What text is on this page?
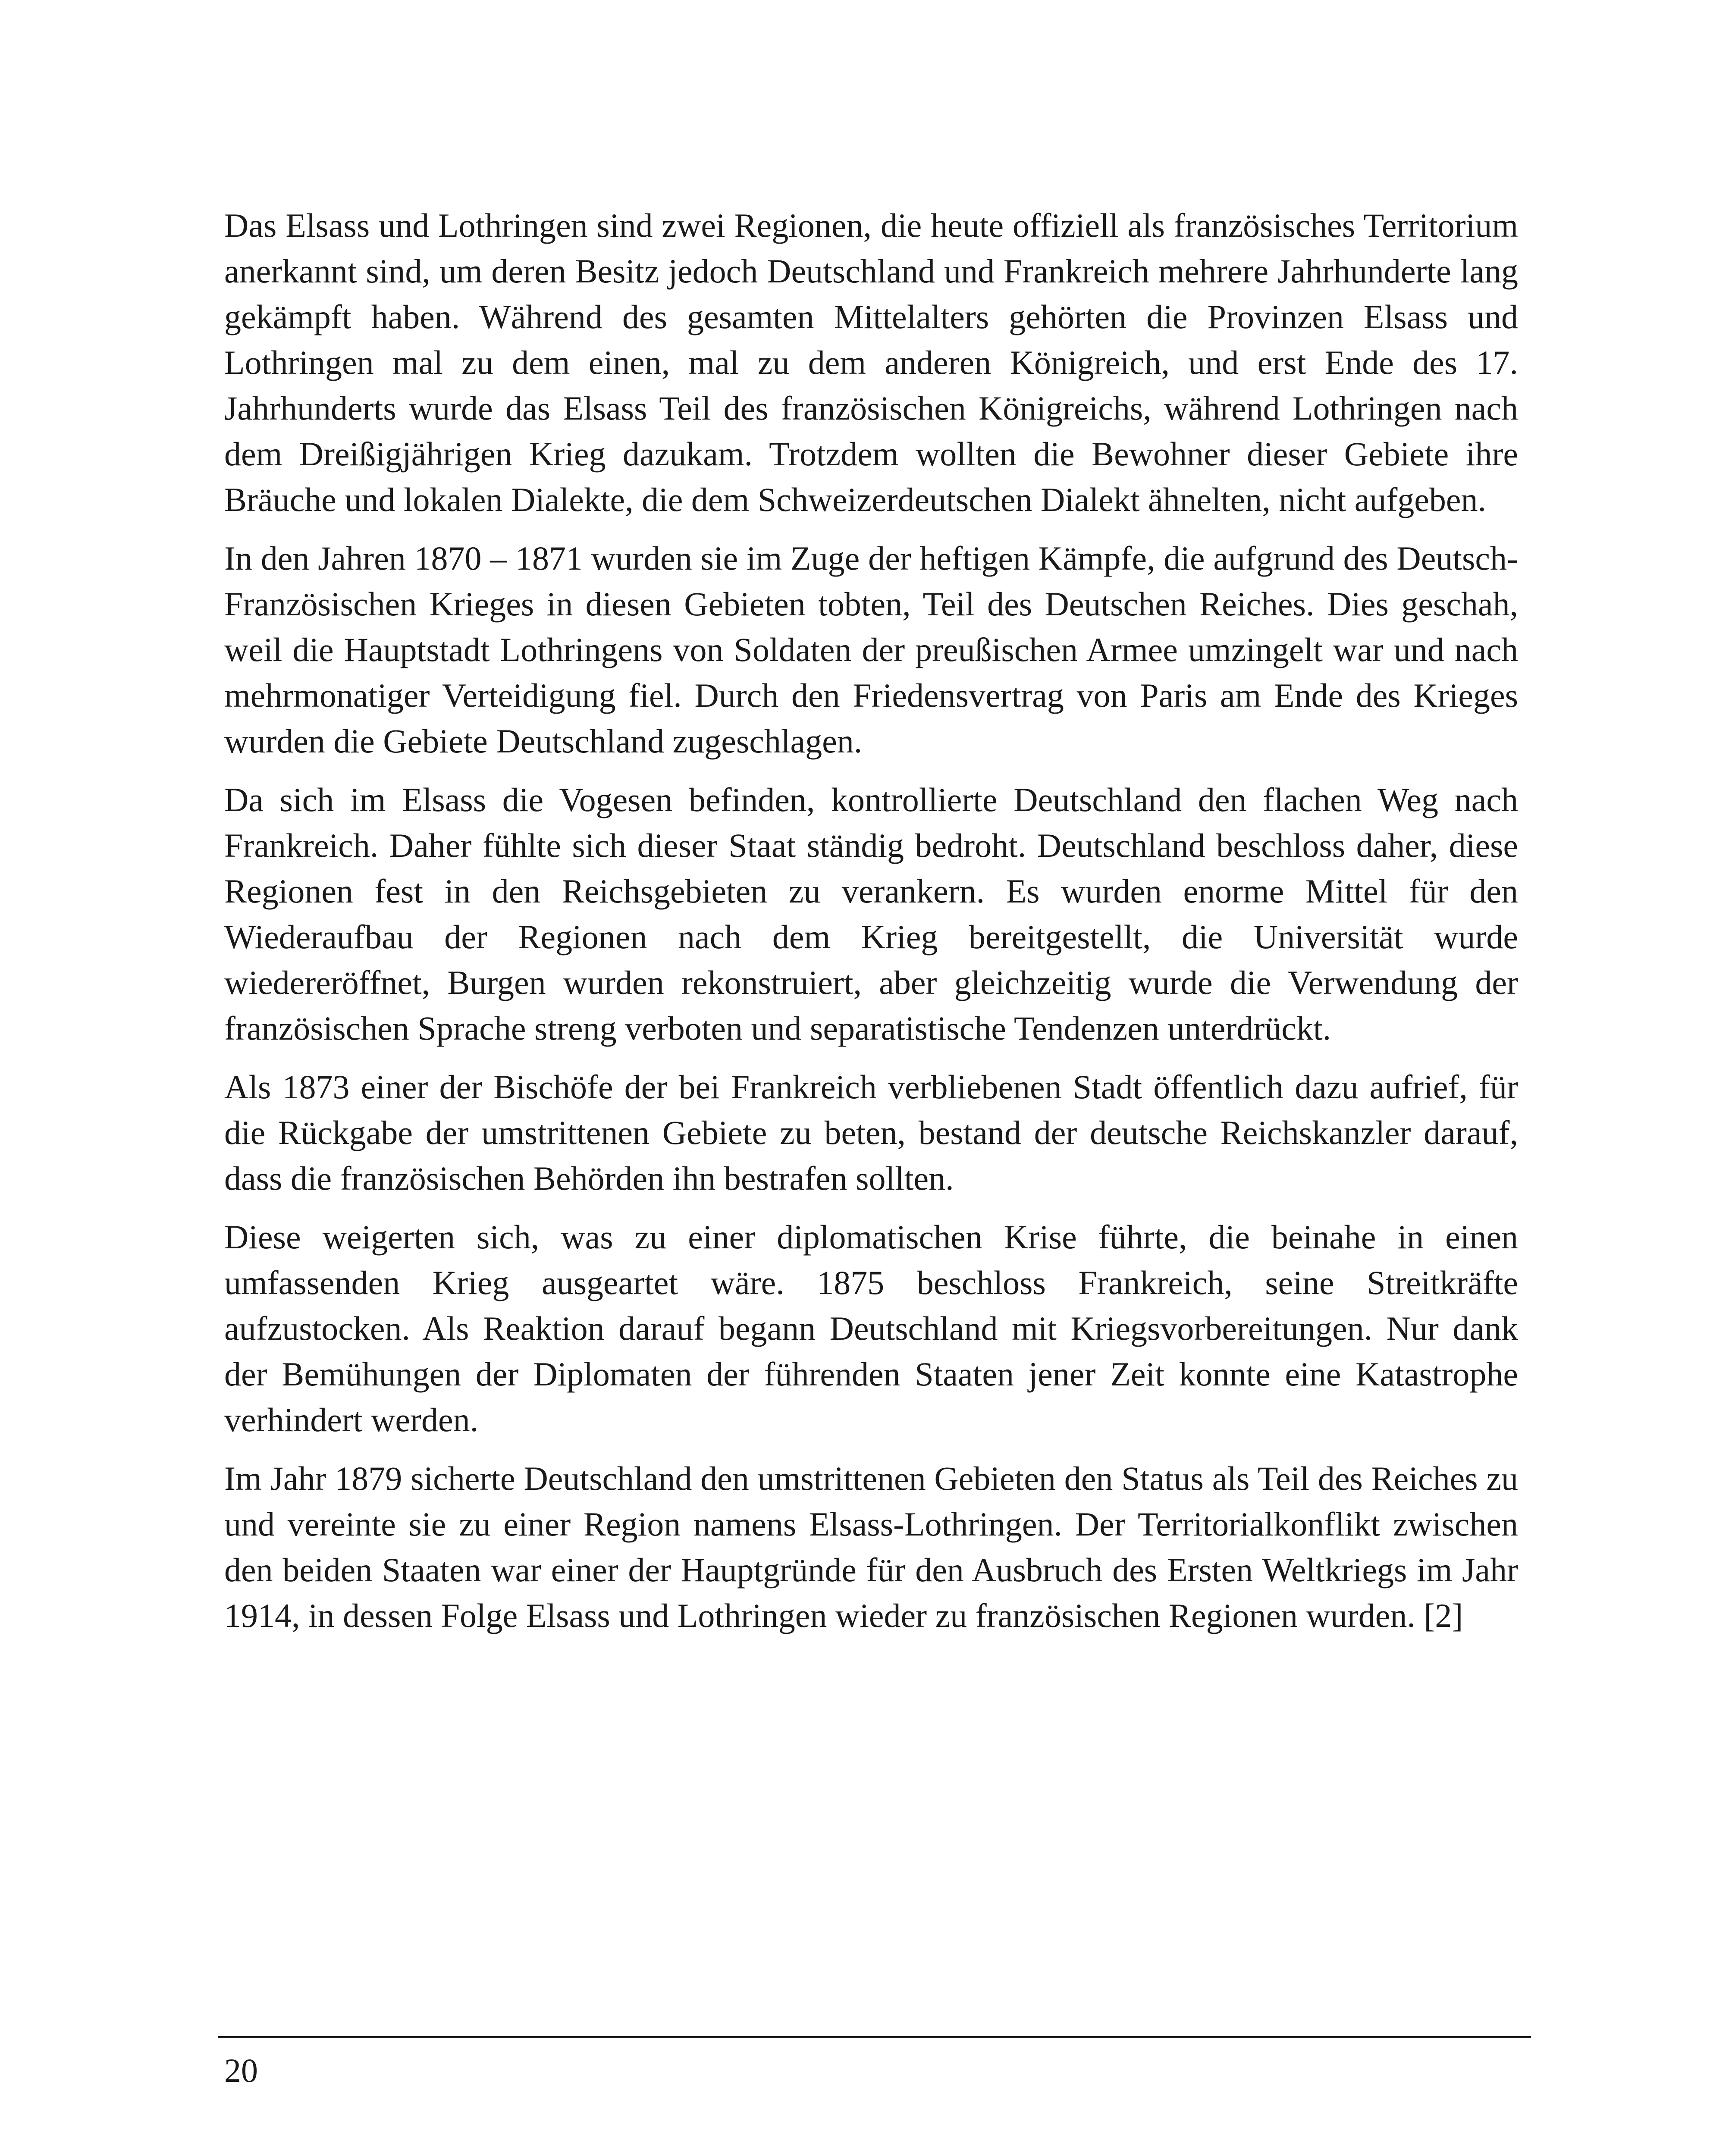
Das Elsass und Lothringen sind zwei Regionen, die heute offiziell als französisches Territorium anerkannt sind, um deren Besitz jedoch Deutschland und Frankreich mehrere Jahrhunderte lang gekämpft haben. Während des gesamten Mittelalters gehörten die Provinzen Elsass und Lothringen mal zu dem einen, mal zu dem anderen Königreich, und erst Ende des 17. Jahrhunderts wurde das Elsass Teil des französischen Königreichs, während Lothringen nach dem Dreißigjährigen Krieg dazukam. Trotzdem wollten die Bewohner dieser Gebiete ihre Bräuche und lokalen Dialekte, die dem Schweizerdeutschen Dialekt ähnelten, nicht aufgeben.

In den Jahren 1870 – 1871 wurden sie im Zuge der heftigen Kämpfe, die aufgrund des Deutsch-Französischen Krieges in diesen Gebieten tobten, Teil des Deutschen Reiches. Dies geschah, weil die Hauptstadt Lothringens von Soldaten der preußischen Armee umzingelt war und nach mehrmonatiger Verteidigung fiel. Durch den Friedensvertrag von Paris am Ende des Krieges wurden die Gebiete Deutschland zugeschlagen.

Da sich im Elsass die Vogesen befinden, kontrollierte Deutschland den flachen Weg nach Frankreich. Daher fühlte sich dieser Staat ständig bedroht. Deutschland beschloss daher, diese Regionen fest in den Reichsgebieten zu verankern. Es wurden enorme Mittel für den Wiederaufbau der Regionen nach dem Krieg bereitgestellt, die Universität wurde wiedereröffnet, Burgen wurden rekonstruiert, aber gleichzeitig wurde die Verwendung der französischen Sprache streng verboten und separatistische Tendenzen unterdrückt.

Als 1873 einer der Bischöfe der bei Frankreich verbliebenen Stadt öffentlich dazu aufrief, für die Rückgabe der umstrittenen Gebiete zu beten, bestand der deutsche Reichskanzler darauf, dass die französischen Behörden ihn bestrafen sollten.

Diese weigerten sich, was zu einer diplomatischen Krise führte, die beinahe in einen umfassenden Krieg ausgeartet wäre. 1875 beschloss Frankreich, seine Streitkräfte aufzustocken. Als Reaktion darauf begann Deutschland mit Kriegsvorbereitungen. Nur dank der Bemühungen der Diplomaten der führenden Staaten jener Zeit konnte eine Katastrophe verhindert werden.

Im Jahr 1879 sicherte Deutschland den umstrittenen Gebieten den Status als Teil des Reiches zu und vereinte sie zu einer Region namens Elsass-Lothringen. Der Territorialkonflikt zwischen den beiden Staaten war einer der Hauptgründe für den Ausbruch des Ersten Weltkriegs im Jahr 1914, in dessen Folge Elsass und Lothringen wieder zu französischen Regionen wurden. [2]

20
